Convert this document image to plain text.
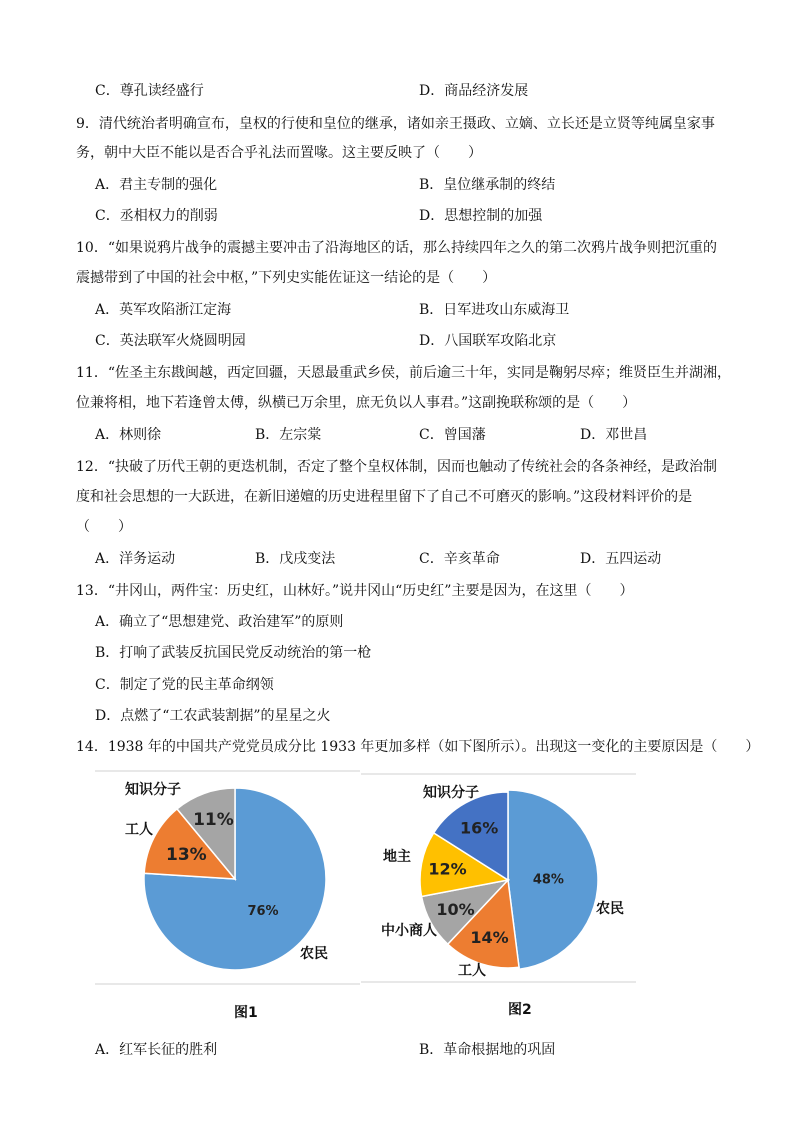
C．尊孔读经盛行	D．商品经济发展
9．清代统治者明确宣布，皇权的行使和皇位的继承，诸如亲王摄政、立嫡、立长还是立贤等纯属皇家事
务，朝中大臣不能以是否合乎礼法而置喙。这主要反映了（　　）
A．君主专制的强化	B．皇位继承制的终结
C．丞相权力的削弱	D．思想控制的加强
10．“如果说鸦片战争的震撼主要冲击了沿海地区的话，那么持续四年之久的第二次鸦片战争则把沉重的
震撼带到了中国的社会中枢，”下列史实能佐证这一结论的是（　　）
A．英军攻陷浙江定海	B．日军进攻山东威海卫
C．英法联军火烧圆明园	D．八国联军攻陷北京
11．“佐圣主东戡闽越，西定回疆，天恩最重武乡侯，前后逾三十年，实同是鞠躬尽瘁；维贤臣生并湖湘，
位兼将相，地下若逢曾太傅，纵横已万余里，庶无负以人事君。”这副挽联称颂的是（　　）
A．林则徐	B．左宗棠	C．曾国藩	D．邓世昌
12．“抉破了历代王朝的更迭机制，否定了整个皇权体制，因而也触动了传统社会的各条神经，是政治制
度和社会思想的一大跃进，在新旧递嬗的历史进程里留下了自己不可磨灭的影响。”这段材料评价的是
（　　）
A．洋务运动	B．戊戌变法	C．辛亥革命	D．五四运动
13．“井冈山，两件宝：历史红，山林好。”说井冈山“历史红”主要是因为，在这里（　　）
A．确立了“思想建党、政治建军”的原则
B．打响了武装反抗国民党反动统治的第一枪
C．制定了党的民主革命纲领
D．点燃了“工农武装割据”的星星之火
14．1938 年的中国共产党党员成分比 1933 年更加多样（如下图所示）。出现这一变化的主要原因是（　　）
76%
农民
13%
工人 11%
知识分子
图1
48%
农民
14%
工人
10%
中小商人
12%
地主
16%
知识分子
图2
A．红军长征的胜利	B．革命根据地的巩固
